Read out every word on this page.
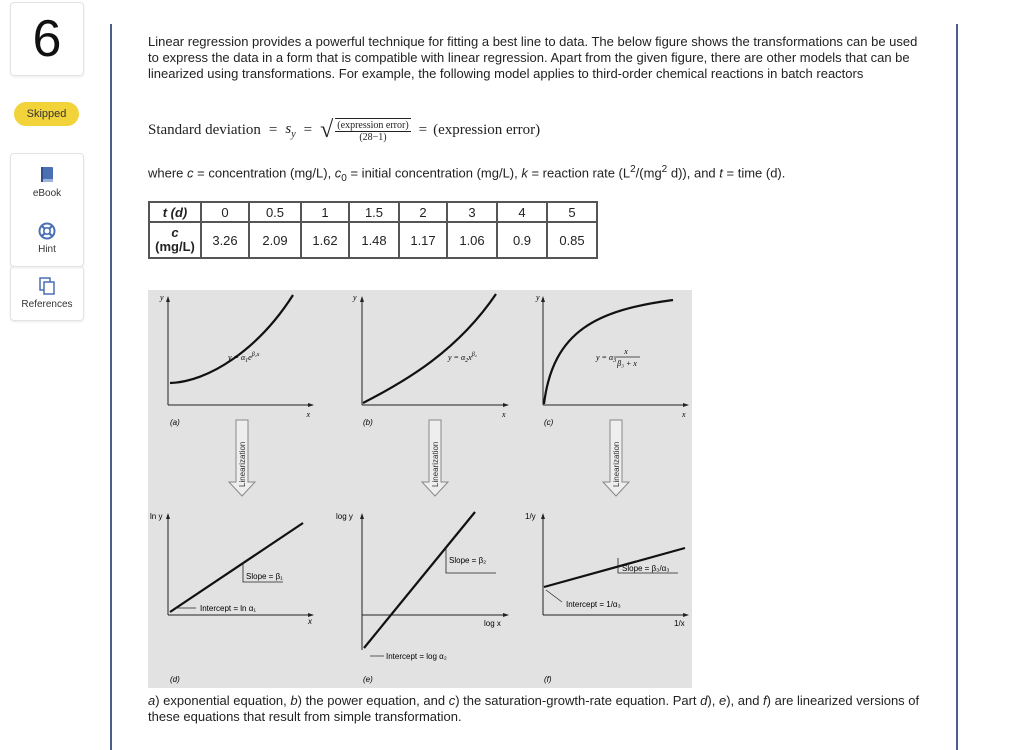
6
Skipped
eBook
Hint
References

Linear regression provides a powerful technique for fitting a best line to data. The below figure shows the transformations can be used to express the data in a form that is compatible with linear regression. Apart from the given figure, there are other models that can be linearized using transformations. For example, the following model applies to third-order chemical reactions in batch reactors

Standard deviation = $s_y$ = √ $\frac{\text{(expression error)}}{(28-1)}$ = (expression error)
where c = concentration (mg/L), $c_0$ = initial concentration (mg/L), k = reaction rate ($L^2/(mg^2$ d)), and t = time (d).
t (d)	0	0.5	1	1.5	2	3	4	5
c
(mg/L)	3.26	2.09	1.62	1.48	1.17	1.06	0.9	0.85
y
x
$y = \alpha_1e^{\beta_1x}$
(a)
y
x
$y = \alpha_2x^{\beta_2}$
(b)
y
x
$y = \alpha_3$
x
β₃ + x
(c)
Linearization	Linearization	Linearization
ln y
x
Slope = β₁
Intercept = ln α₁
(d)
log y
log x
Slope = β₂
Intercept = log α₂
(e)
1/y
1/x
Slope = β₃/α₃
Intercept = 1/α₃
(f)

a) exponential equation, b) the power equation, and c) the saturation-growth-rate equation. Part d), e), and f) are linearized versions of these equations that result from simple transformation.
